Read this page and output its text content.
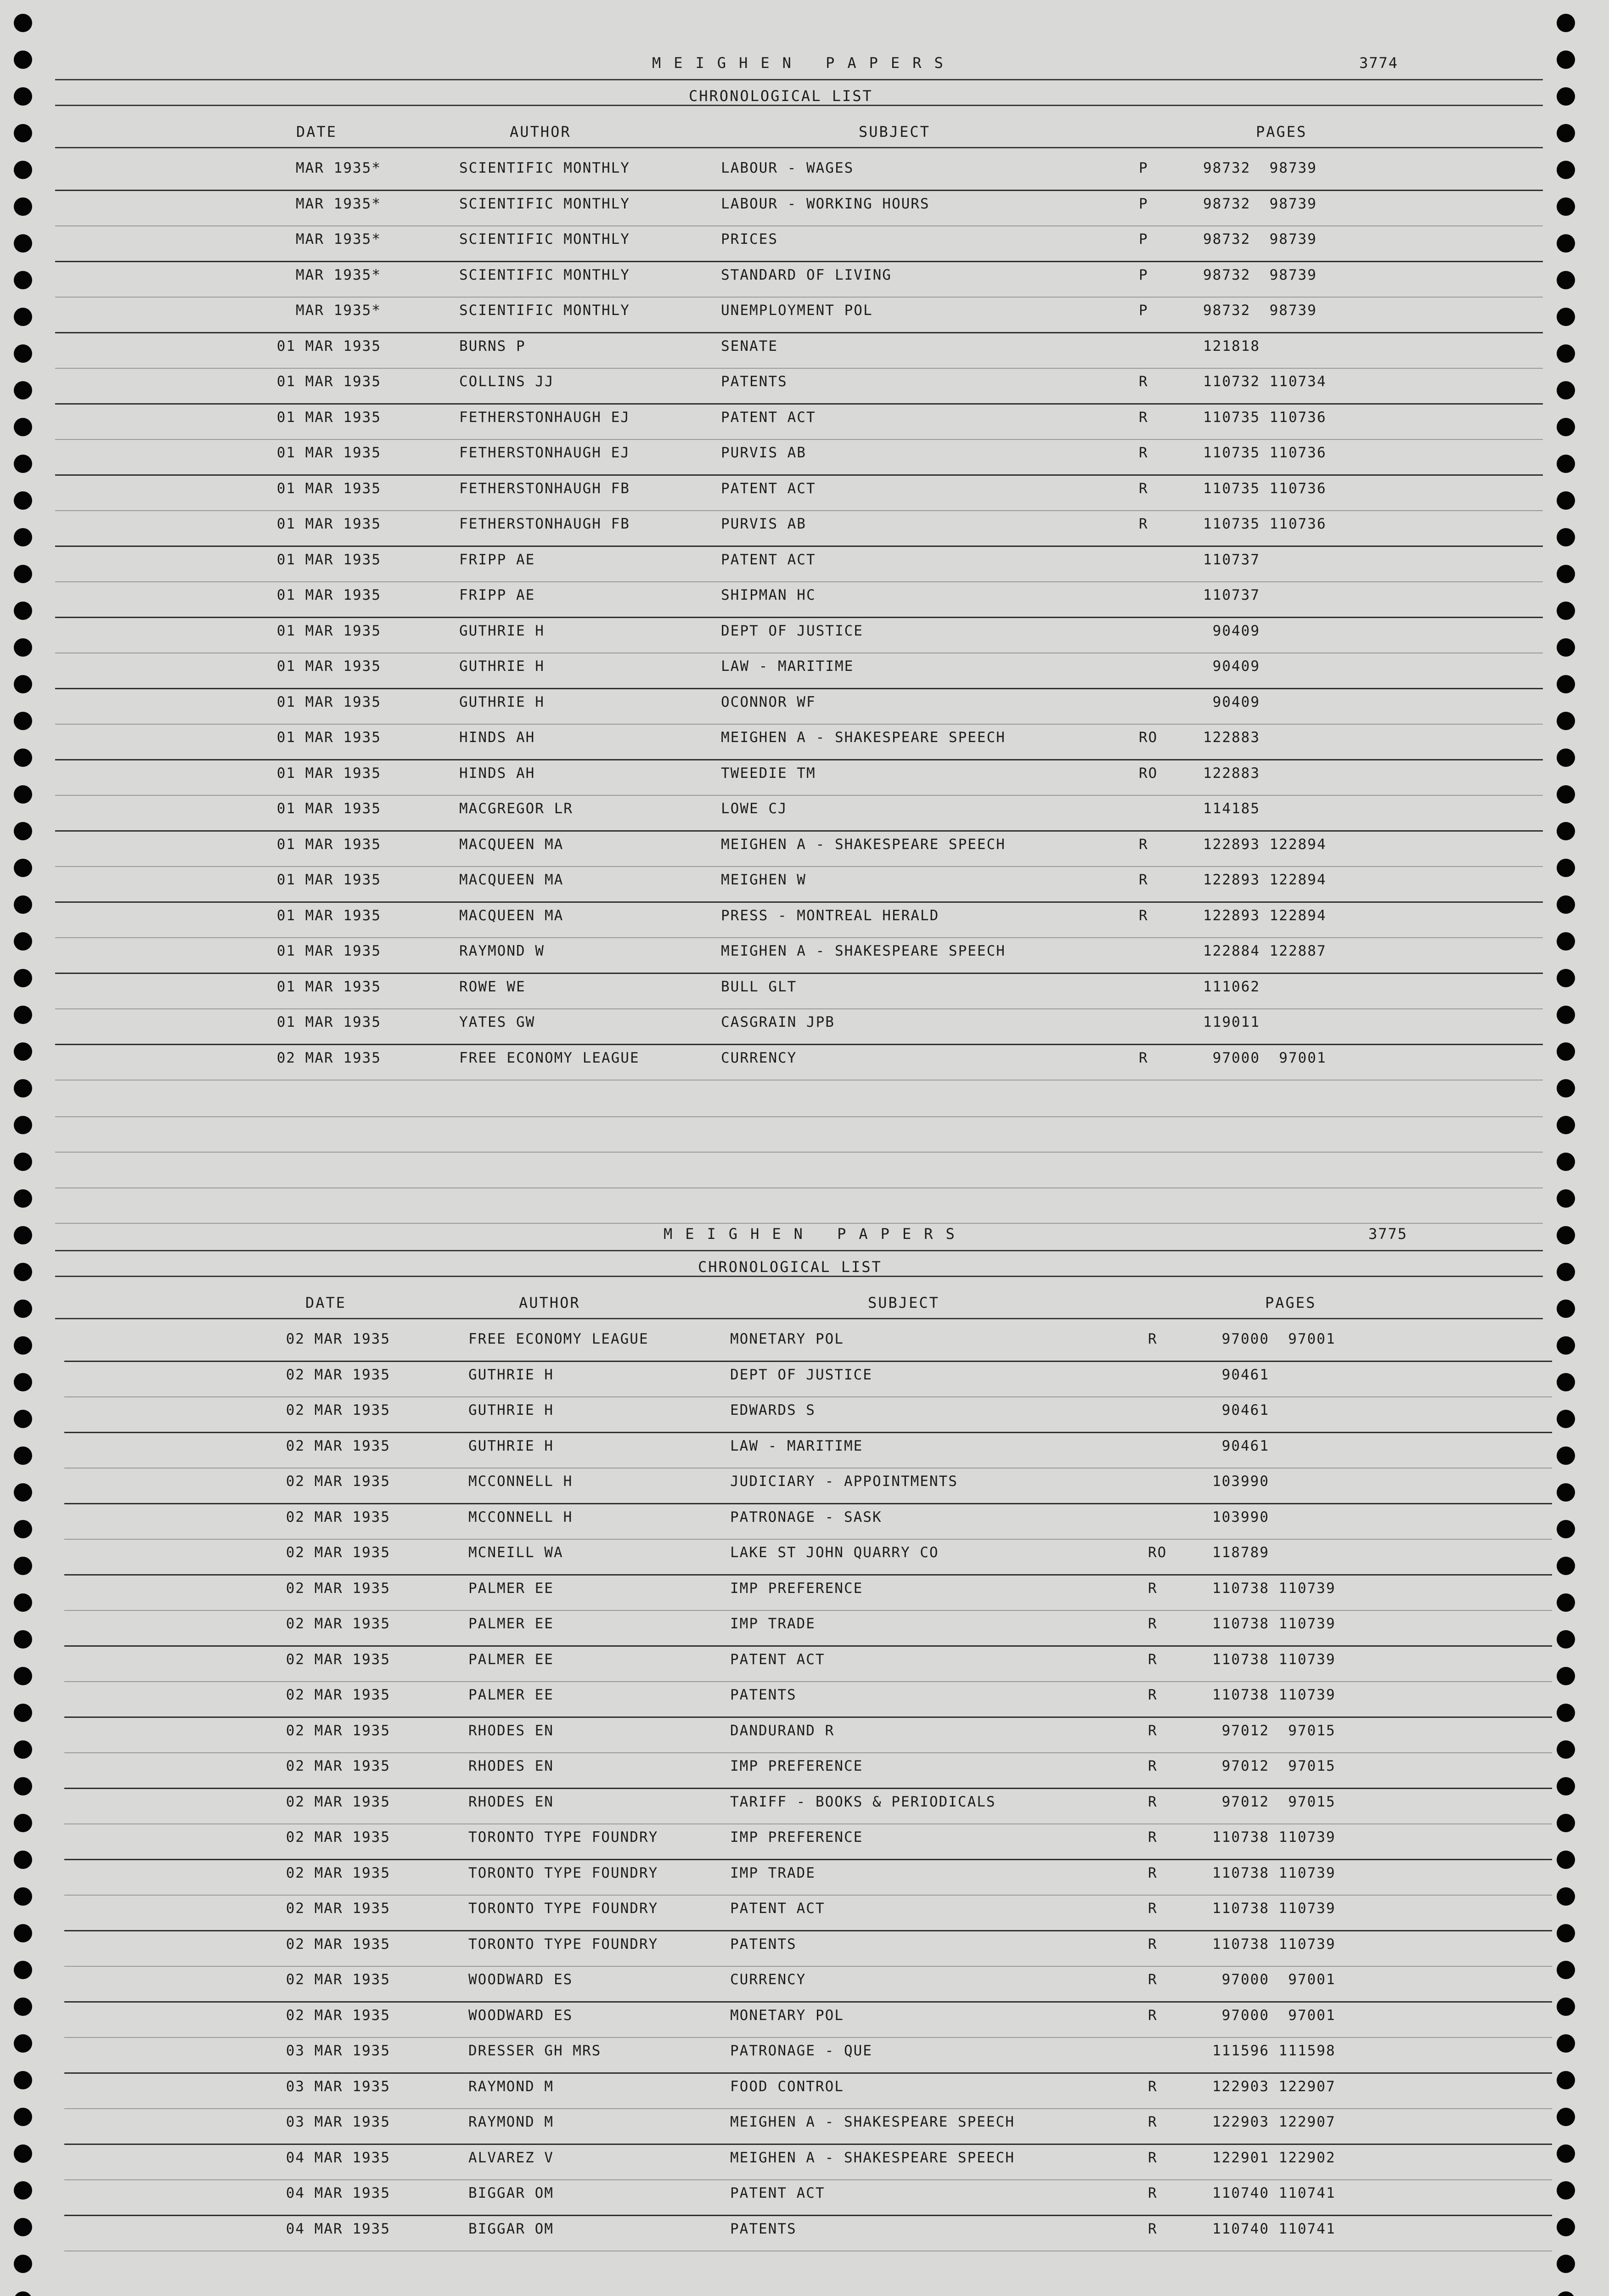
MEIGHEN PAPERS	3774
CHRONOLOGICAL LIST
DATE	AUTHOR	SUBJECT	PAGES
MAR 1935*	SCIENTIFIC MONTHLY	LABOUR - WAGES	P	98732  98739
MAR 1935*	SCIENTIFIC MONTHLY	LABOUR - WORKING HOURS	P	98732  98739
MAR 1935*	SCIENTIFIC MONTHLY	PRICES	P	98732  98739
MAR 1935*	SCIENTIFIC MONTHLY	STANDARD OF LIVING	P	98732  98739
MAR 1935*	SCIENTIFIC MONTHLY	UNEMPLOYMENT POL	P	98732  98739
01 MAR 1935	BURNS P	SENATE	121818
01 MAR 1935	COLLINS JJ	PATENTS	R	110732 110734
01 MAR 1935	FETHERSTONHAUGH EJ	PATENT ACT	R	110735 110736
01 MAR 1935	FETHERSTONHAUGH EJ	PURVIS AB	R	110735 110736
01 MAR 1935	FETHERSTONHAUGH FB	PATENT ACT	R	110735 110736
01 MAR 1935	FETHERSTONHAUGH FB	PURVIS AB	R	110735 110736
01 MAR 1935	FRIPP AE	PATENT ACT	110737
01 MAR 1935	FRIPP AE	SHIPMAN HC	110737
01 MAR 1935	GUTHRIE H	DEPT OF JUSTICE	90409
01 MAR 1935	GUTHRIE H	LAW - MARITIME	90409
01 MAR 1935	GUTHRIE H	OCONNOR WF	90409
01 MAR 1935	HINDS AH	MEIGHEN A - SHAKESPEARE SPEECH	RO	122883
01 MAR 1935	HINDS AH	TWEEDIE TM	RO	122883
01 MAR 1935	MACGREGOR LR	LOWE CJ	114185
01 MAR 1935	MACQUEEN MA	MEIGHEN A - SHAKESPEARE SPEECH	R	122893 122894
01 MAR 1935	MACQUEEN MA	MEIGHEN W	R	122893 122894
01 MAR 1935	MACQUEEN MA	PRESS - MONTREAL HERALD	R	122893 122894
01 MAR 1935	RAYMOND W	MEIGHEN A - SHAKESPEARE SPEECH	122884 122887
01 MAR 1935	ROWE WE	BULL GLT	111062
01 MAR 1935	YATES GW	CASGRAIN JPB	119011
02 MAR 1935	FREE ECONOMY LEAGUE	CURRENCY	R	97000  97001
MEIGHEN PAPERS	3775
CHRONOLOGICAL LIST
DATE	AUTHOR	SUBJECT	PAGES
02 MAR 1935	FREE ECONOMY LEAGUE	MONETARY POL	R	97000  97001
02 MAR 1935	GUTHRIE H	DEPT OF JUSTICE	90461
02 MAR 1935	GUTHRIE H	EDWARDS S	90461
02 MAR 1935	GUTHRIE H	LAW - MARITIME	90461
02 MAR 1935	MCCONNELL H	JUDICIARY - APPOINTMENTS	103990
02 MAR 1935	MCCONNELL H	PATRONAGE - SASK	103990
02 MAR 1935	MCNEILL WA	LAKE ST JOHN QUARRY CO	RO	118789
02 MAR 1935	PALMER EE	IMP PREFERENCE	R	110738 110739
02 MAR 1935	PALMER EE	IMP TRADE	R	110738 110739
02 MAR 1935	PALMER EE	PATENT ACT	R	110738 110739
02 MAR 1935	PALMER EE	PATENTS	R	110738 110739
02 MAR 1935	RHODES EN	DANDURAND R	R	97012  97015
02 MAR 1935	RHODES EN	IMP PREFERENCE	R	97012  97015
02 MAR 1935	RHODES EN	TARIFF - BOOKS & PERIODICALS	R	97012  97015
02 MAR 1935	TORONTO TYPE FOUNDRY	IMP PREFERENCE	R	110738 110739
02 MAR 1935	TORONTO TYPE FOUNDRY	IMP TRADE	R	110738 110739
02 MAR 1935	TORONTO TYPE FOUNDRY	PATENT ACT	R	110738 110739
02 MAR 1935	TORONTO TYPE FOUNDRY	PATENTS	R	110738 110739
02 MAR 1935	WOODWARD ES	CURRENCY	R	97000  97001
02 MAR 1935	WOODWARD ES	MONETARY POL	R	97000  97001
03 MAR 1935	DRESSER GH MRS	PATRONAGE - QUE	111596 111598
03 MAR 1935	RAYMOND M	FOOD CONTROL	R	122903 122907
03 MAR 1935	RAYMOND M	MEIGHEN A - SHAKESPEARE SPEECH	R	122903 122907
04 MAR 1935	ALVAREZ V	MEIGHEN A - SHAKESPEARE SPEECH	R	122901 122902
04 MAR 1935	BIGGAR OM	PATENT ACT	R	110740 110741
04 MAR 1935	BIGGAR OM	PATENTS	R	110740 110741
